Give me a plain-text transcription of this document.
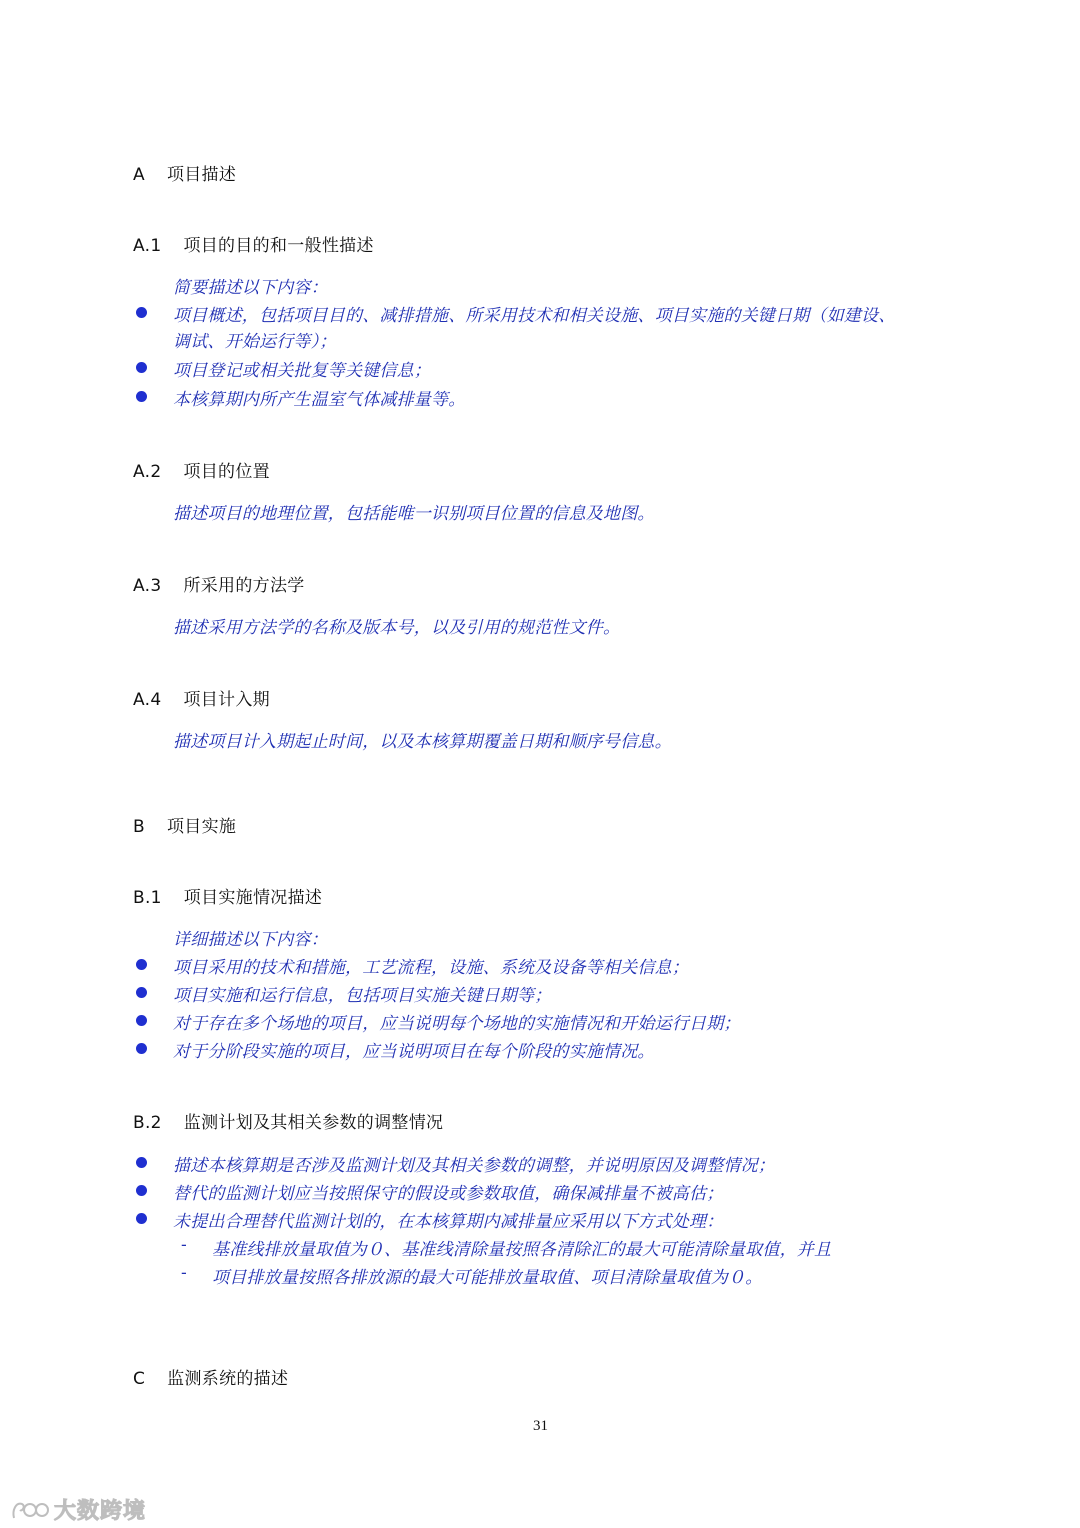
A 项目描述
A.1 项目的目的和一般性描述
简要描述以下内容：
项目概述，包括项目目的、减排措施、所采用技术和相关设施、项目实施的关键日期（如建设、
调试、开始运行等）；
项目登记或相关批复等关键信息；
本核算期内所产生温室气体减排量等。
A.2 项目的位置
描述项目的地理位置，包括能唯一识别项目位置的信息及地图。
A.3 所采用的方法学
描述采用方法学的名称及版本号，以及引用的规范性文件。
A.4 项目计入期
描述项目计入期起止时间，以及本核算期覆盖日期和顺序号信息。
B 项目实施
B.1 项目实施情况描述
详细描述以下内容：
项目采用的技术和措施，工艺流程，设施、系统及设备等相关信息；
项目实施和运行信息，包括项目实施关键日期等；
对于存在多个场地的项目，应当说明每个场地的实施情况和开始运行日期；
对于分阶段实施的项目，应当说明项目在每个阶段的实施情况。
B.2 监测计划及其相关参数的调整情况
描述本核算期是否涉及监测计划及其相关参数的调整，并说明原因及调整情况；
替代的监测计划应当按照保守的假设或参数取值，确保减排量不被高估；
未提出合理替代监测计划的，在本核算期内减排量应采用以下方式处理：
- 基准线排放量取值为０、基准线清除量按照各清除汇的最大可能清除量取值，并且
- 项目排放量按照各排放源的最大可能排放量取值、项目清除量取值为０。
C 监测系统的描述
31
大数跨境
